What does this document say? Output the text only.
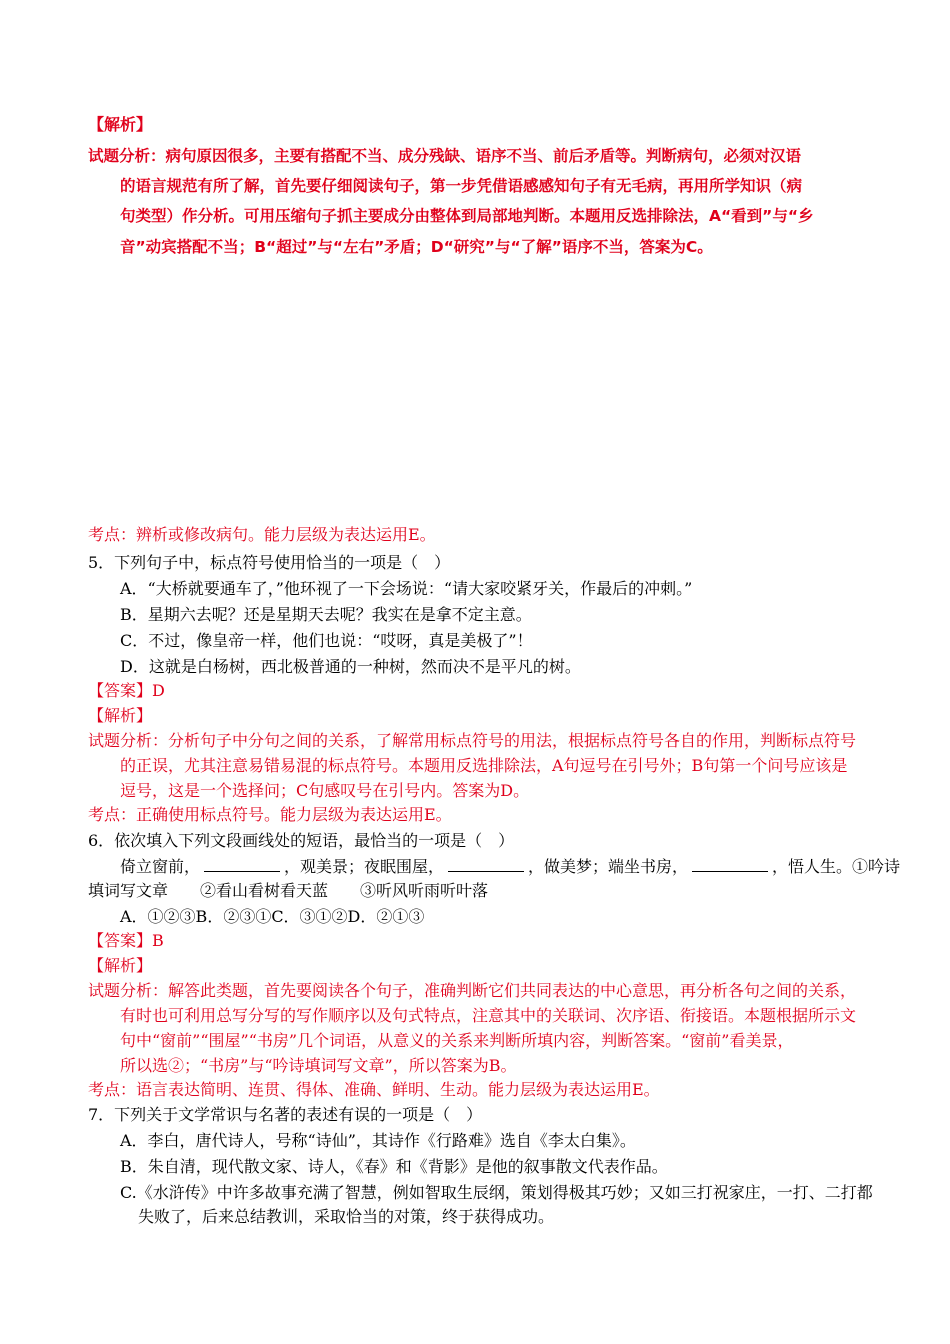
【解析】
试题分析：病句原因很多，主要有搭配不当、成分残缺、语序不当、前后矛盾等。判断病句，必须对汉语
的语言规范有所了解，首先要仔细阅读句子，第一步凭借语感感知句子有无毛病，再用所学知识（病
句类型）作分析。可用压缩句子抓主要成分由整体到局部地判断。本题用反选排除法，A“看到”与“乡
音”动宾搭配不当；B“超过”与“左右”矛盾；D“研究”与“了解”语序不当，答案为C。
考点：辨析或修改病句。能力层级为表达运用E。
5．下列句子中，标点符号使用恰当的一项是（　）
A．“大桥就要通车了，”他环视了一下会场说：“请大家咬紧牙关，作最后的冲刺。”
B．星期六去呢？还是星期天去呢？我实在是拿不定主意。
C．不过，像皇帝一样，他们也说：“哎呀，真是美极了”！
D．这就是白杨树，西北极普通的一种树，然而决不是平凡的树。
【答案】D
【解析】
试题分析：分析句子中分句之间的关系，了解常用标点符号的用法，根据标点符号各自的作用，判断标点符号
的正误，尤其注意易错易混的标点符号。本题用反选排除法，A句逗号在引号外；B句第一个问号应该是
逗号，这是一个选择问；C句感叹号在引号内。答案为D。
考点：正确使用标点符号。能力层级为表达运用E。
6．依次填入下列文段画线处的短语，最恰当的一项是（　）
倚立窗前，	，观美景；夜眠围屋，	，做美梦；端坐书房，	，悟人生。①吟诗
填词写文章　　②看山看树看天蓝　　③听风听雨听叶落
A．①②③B．②③①C．③①②D．②①③
【答案】B
【解析】
试题分析：解答此类题，首先要阅读各个句子，准确判断它们共同表达的中心意思，再分析各句之间的关系，
有时也可利用总写分写的写作顺序以及句式特点，注意其中的关联词、次序语、衔接语。本题根据所示文
句中“窗前”“围屋”“书房”几个词语，从意义的关系来判断所填内容，判断答案。“窗前”看美景，
所以选②；“书房”与“吟诗填词写文章”，所以答案为B。
考点：语言表达简明、连贯、得体、准确、鲜明、生动。能力层级为表达运用E。
7．下列关于文学常识与名著的表述有误的一项是（　）
A．李白，唐代诗人，号称“诗仙”，其诗作《行路难》选自《李太白集》。
B．朱自清，现代散文家、诗人，《春》和《背影》是他的叙事散文代表作品。
C.《水浒传》中许多故事充满了智慧，例如智取生辰纲，策划得极其巧妙；又如三打祝家庄，一打、二打都
失败了，后来总结教训，采取恰当的对策，终于获得成功。
